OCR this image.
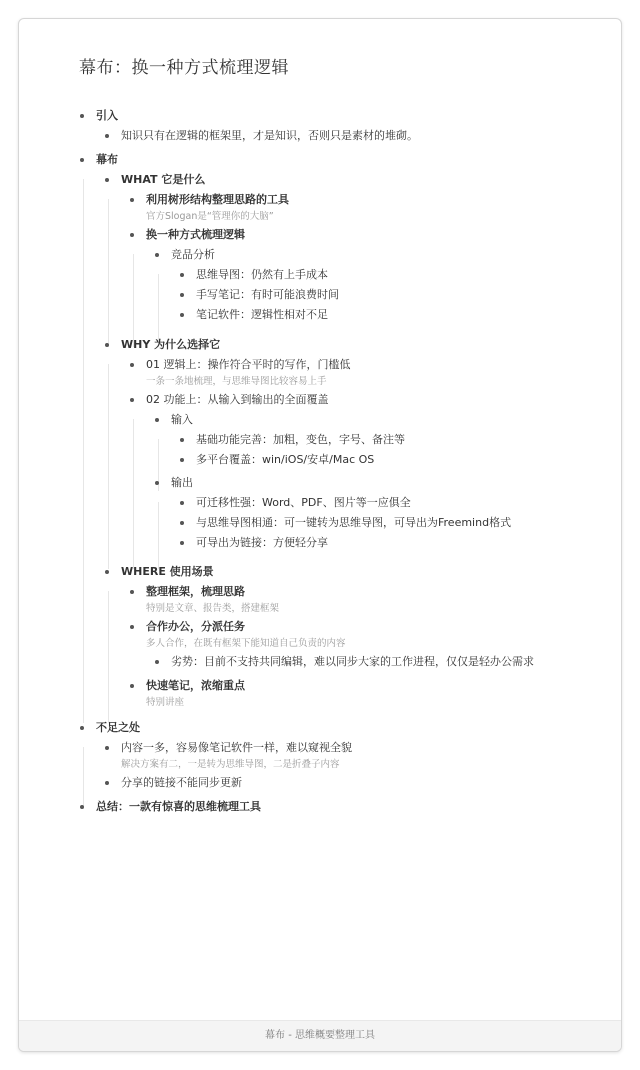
幕布：换一种方式梳理逻辑
引入
知识只有在逻辑的框架里，才是知识，否则只是素材的堆砌。
幕布
WHAT 它是什么
利用树形结构整理思路的工具
官方Slogan是“管理你的大脑”
换一种方式梳理逻辑
竞品分析
思维导图：仍然有上手成本
手写笔记：有时可能浪费时间
笔记软件：逻辑性相对不足
WHY 为什么选择它
01 逻辑上：操作符合平时的写作，门槛低
一条一条地梳理，与思维导图比较容易上手
02 功能上：从输入到输出的全面覆盖
输入
基础功能完善：加粗，变色，字号、备注等
多平台覆盖：win/iOS/安卓/Mac OS
输出
可迁移性强：Word、PDF、图片等一应俱全
与思维导图相通：可一键转为思维导图，可导出为Freemind格式
可导出为链接：方便轻分享
WHERE 使用场景
整理框架，梳理思路
特别是文章、报告类，搭建框架
合作办公，分派任务
多人合作，在既有框架下能知道自己负责的内容
劣势：目前不支持共同编辑，难以同步大家的工作进程，仅仅是轻办公需求
快速笔记，浓缩重点
特别讲座
不足之处
内容一多，容易像笔记软件一样，难以窥视全貌
解决方案有二，一是转为思维导图，二是折叠子内容
分享的链接不能同步更新
总结：一款有惊喜的思维梳理工具
幕布 - 思维概要整理工具
